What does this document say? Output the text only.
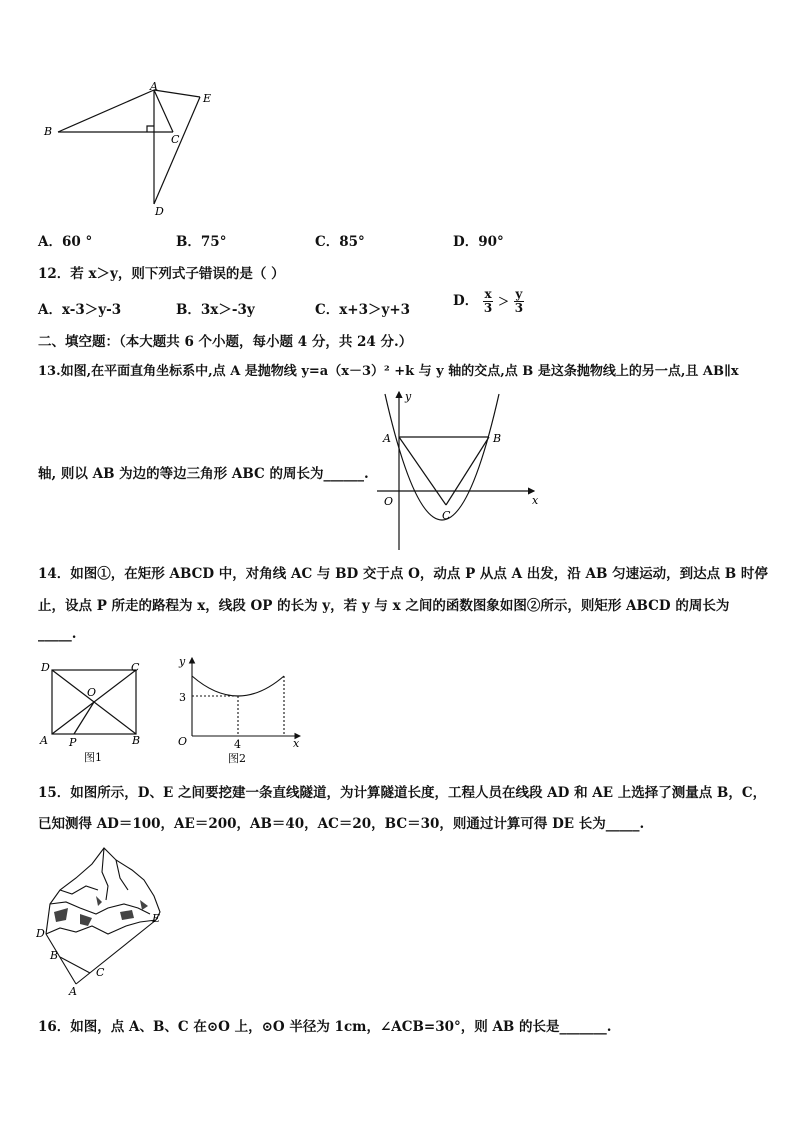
A
E
B
C
D
A．60 °	B．75°	C．85°	D．90°
12．若 x＞y，则下列式子错误的是（ ）
A．x-3＞y-3	B．3x＞-3y	C．x+3＞y+3
D． $\frac{x}{3} > \frac{y}{3}$
二、填空题：（本大题共 6 个小题，每小题 4 分，共 24 分.）
13.如图,在平面直角坐标系中,点 A 是抛物线 y=a（x－3）² +k 与 y 轴的交点,点 B 是这条抛物线上的另一点,且 AB∥x
y
A	B
O
C
x
轴, 则以 AB 为边的等边三角形 ABC 的周长为______.
14．如图①，在矩形 ABCD 中，对角线 AC 与 BD 交于点 O，动点 P 从点 A 出发，沿 AB 匀速运动，到达点 B 时停
止，设点 P 所走的路程为 x，线段 OP 的长为 y，若 y 与 x 之间的函数图象如图②所示，则矩形 ABCD 的周长为
_____.
D	C
O
A P	B
图1
y
3
O	4	x
图2
15．如图所示，D、E 之间要挖建一条直线隧道，为计算隧道长度，工程人员在线段 AD 和 AE 上选择了测量点 B，C，
已知测得 AD＝100，AE＝200，AB＝40，AC＝20，BC＝30，则通过计算可得 DE 长为_____.
D
E
B
C
A
16．如图，点 A、B、C 在⊙O 上，⊙O 半径为 1cm，∠ACB=30°，则 AB 的长是_______.
